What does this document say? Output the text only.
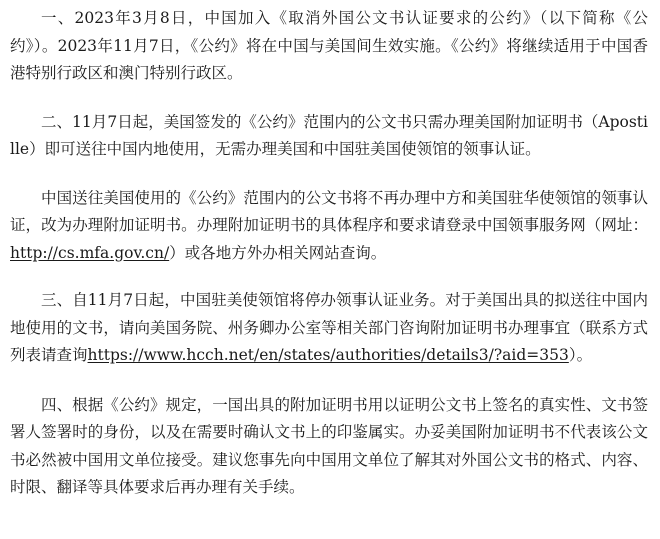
一、2023年3月8日，中国加入《取消外国公文书认证要求的公约》（以下简称《公约》）。2023年11月7日，《公约》将在中国与美国间生效实施。《公约》将继续适用于中国香港特别行政区和澳门特别行政区。

二、11月7日起，美国签发的《公约》范围内的公文书只需办理美国附加证明书（Apostille）即可送往中国内地使用，无需办理美国和中国驻美国使领馆的领事认证。

中国送往美国使用的《公约》范围内的公文书将不再办理中方和美国驻华使领馆的领事认证，改为办理附加证明书。办理附加证明书的具体程序和要求请登录中国领事服务网（网址：http://cs.mfa.gov.cn/）或各地方外办相关网站查询。

三、自11月7日起，中国驻美使领馆将停办领事认证业务。对于美国出具的拟送往中国内地使用的文书，请向美国务院、州务卿办公室等相关部门咨询附加证明书办理事宜（联系方式列表请查询https://www.hcch.net/en/states/authorities/details3/?aid=353）。

四、根据《公约》规定，一国出具的附加证明书用以证明公文书上签名的真实性、文书签署人签署时的身份，以及在需要时确认文书上的印鉴属实。办妥美国附加证明书不代表该公文书必然被中国用文单位接受。建议您事先向中国用文单位了解其对外国公文书的格式、内容、时限、翻译等具体要求后再办理有关手续。
